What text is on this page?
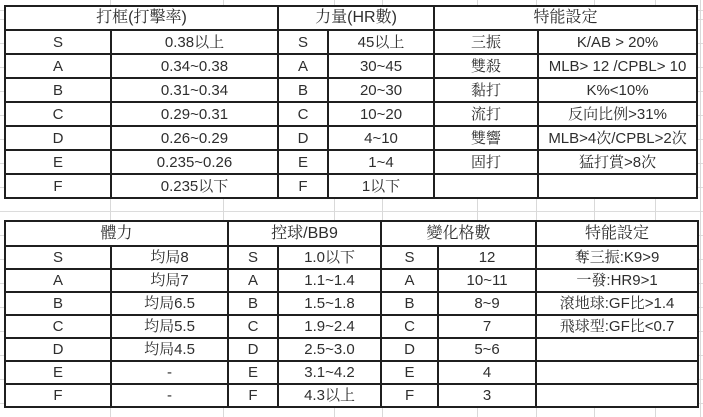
打框(打擊率)		力量(HR數)		特能設定	
S	0.38以上	S	45以上	三振	K/AB > 20%
A	0.34~0.38	A	30~45	雙殺	MLB> 12 /CPBL> 10
B	0.31~0.34	B	20~30	黏打	K%<10%
C	0.29~0.31	C	10~20	流打	反向比例>31%
D	0.26~0.29	D	4~10	雙響	MLB>4次/CPBL>2次
E	0.235~0.26	E	1~4	固打	猛打賞>8次
F	0.235以下	F	1以下		
體力		控球/BB9		變化格數		特能設定
S	均局8	S	1.0以下	S	12	奪三振:K9>9
A	均局7	A	1.1~1.4	A	10~11	一發:HR9>1
B	均局6.5	B	1.5~1.8	B	8~9	滾地球:GF比>1.4
C	均局5.5	C	1.9~2.4	C	7	飛球型:GF比<0.7
D	均局4.5	D	2.5~3.0	D	5~6	
E	-	E	3.1~4.2	E	4	
F	-	F	4.3以上	F	3	
